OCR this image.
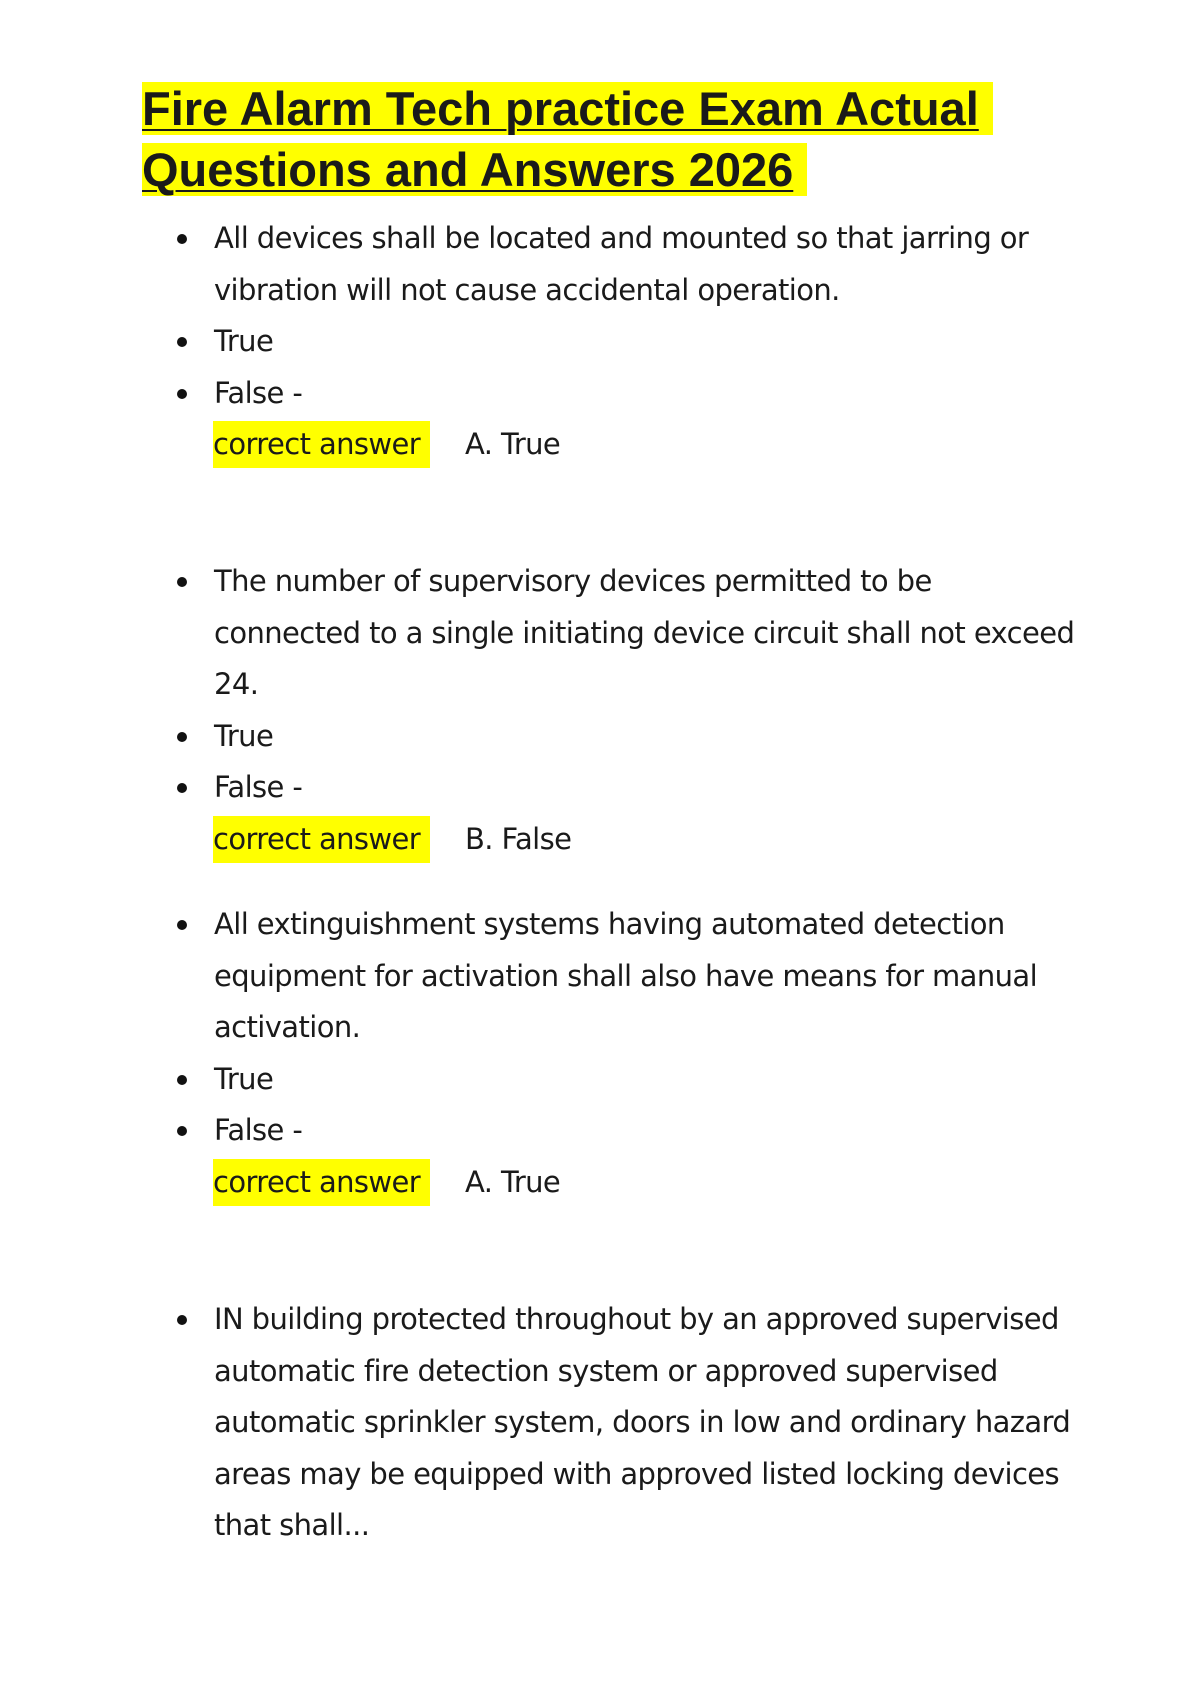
Fire Alarm Tech practice Exam Actual Questions and Answers 2026
All devices shall be located and mounted so that jarring or vibration will not cause accidental operation.
True
False -
correct answer	A. True
The number of supervisory devices permitted to be connected to a single initiating device circuit shall not exceed 24.
True
False -
correct answer	B. False
All extinguishment systems having automated detection equipment for activation shall also have means for manual activation.
True
False -
correct answer	A. True
IN building protected throughout by an approved supervised automatic fire detection system or approved supervised automatic sprinkler system, doors in low and ordinary hazard areas may be equipped with approved listed locking devices that shall...
